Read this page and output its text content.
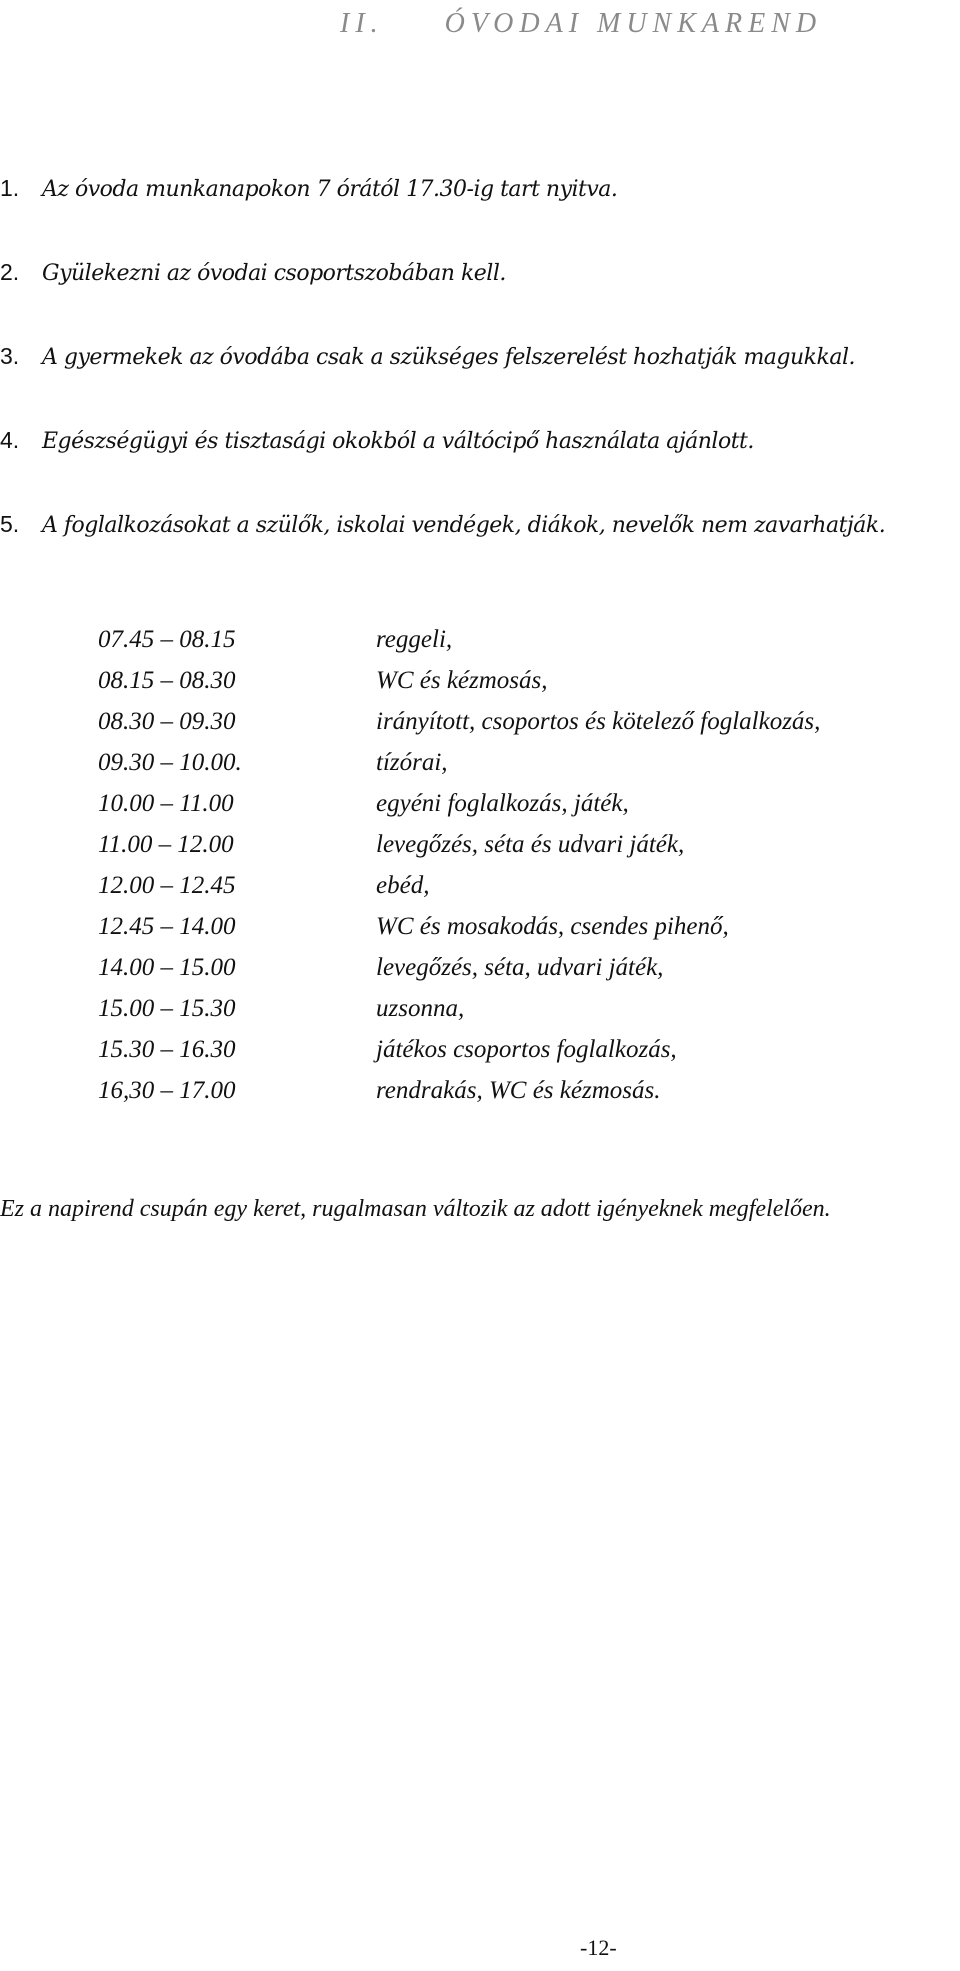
II. ÓVODAI MUNKAREND
1.	Az óvoda munkanapokon 7 órától 17.30-ig tart nyitva.
2.	Gyülekezni az óvodai csoportszobában kell.
3.	A gyermekek az óvodába csak a szükséges felszerelést hozhatják magukkal.
4.	Egészségügyi és tisztasági okokból a váltócipő használata ajánlott.
5.	A foglalkozásokat a szülők, iskolai vendégek, diákok, nevelők nem zavarhatják.
07.45 – 08.15	reggeli,
08.15 – 08.30	WC és kézmosás,
08.30 – 09.30	irányított, csoportos és kötelező foglalkozás,
09.30 – 10.00.	tízórai,
10.00 – 11.00	egyéni foglalkozás, játék,
11.00 – 12.00	levegőzés, séta és udvari játék,
12.00 – 12.45	ebéd,
12.45 – 14.00	WC és mosakodás, csendes pihenő,
14.00 – 15.00	levegőzés, séta, udvari játék,
15.00 – 15.30	uzsonna,
15.30 – 16.30	játékos csoportos foglalkozás,
16,30 – 17.00	rendrakás, WC és kézmosás.
Ez a napirend csupán egy keret, rugalmasan változik az adott igényeknek megfelelően.
-12-
